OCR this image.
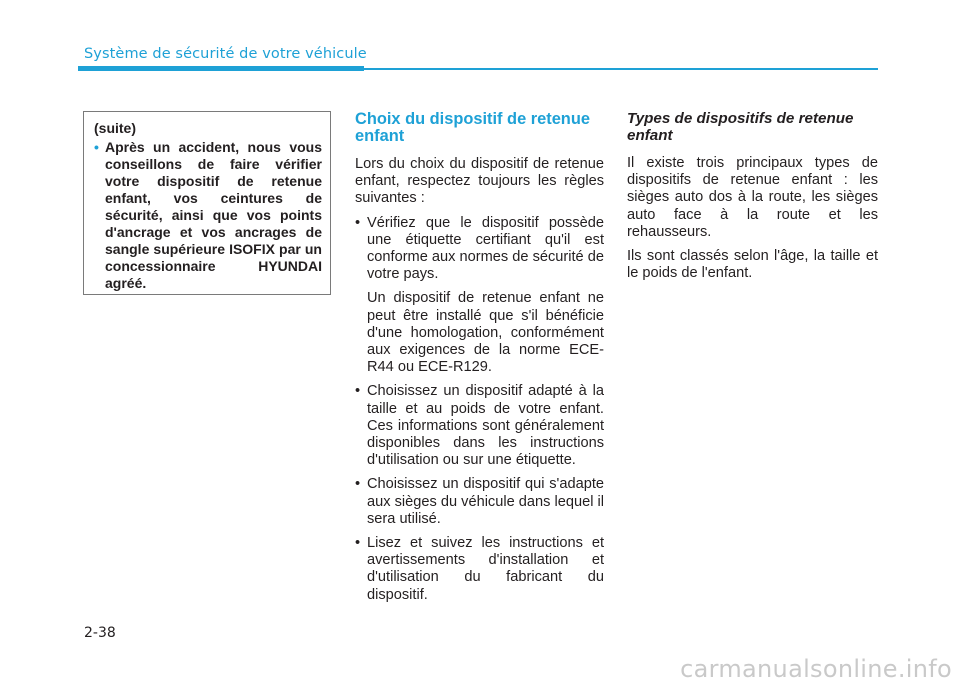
Système de sécurité de votre véhicule
(suite)
• Après un accident, nous vous conseillons de faire vérifier votre dispositif de retenue enfant, vos ceintures de sécurité, ainsi que vos points d'ancrage et vos ancrages de sangle supérieure ISOFIX par un concessionnaire HYUNDAI agréé.
Choix du dispositif de retenue enfant

Lors du choix du dispositif de retenue enfant, respectez toujours les règles suivantes :

• Vérifiez que le dispositif possède une étiquette certifiant qu'il est conforme aux normes de sécurité de votre pays.

Un dispositif de retenue enfant ne peut être installé que s'il bénéficie d'une homologation, conformément aux exigences de la norme ECE-R44 ou ECE-R129.

• Choisissez un dispositif adapté à la taille et au poids de votre enfant. Ces informations sont généralement disponibles dans les instructions d'utilisation ou sur une étiquette.
• Choisissez un dispositif qui s'adapte aux sièges du véhicule dans lequel il sera utilisé.
• Lisez et suivez les instructions et avertissements d'installation et d'utilisation du fabricant du dispositif.
Types de dispositifs de retenue enfant

Il existe trois principaux types de dispositifs de retenue enfant : les sièges auto dos à la route, les sièges auto face à la route et les rehausseurs.

Ils sont classés selon l'âge, la taille et le poids de l'enfant.

2-38
carmanualsonline.info
